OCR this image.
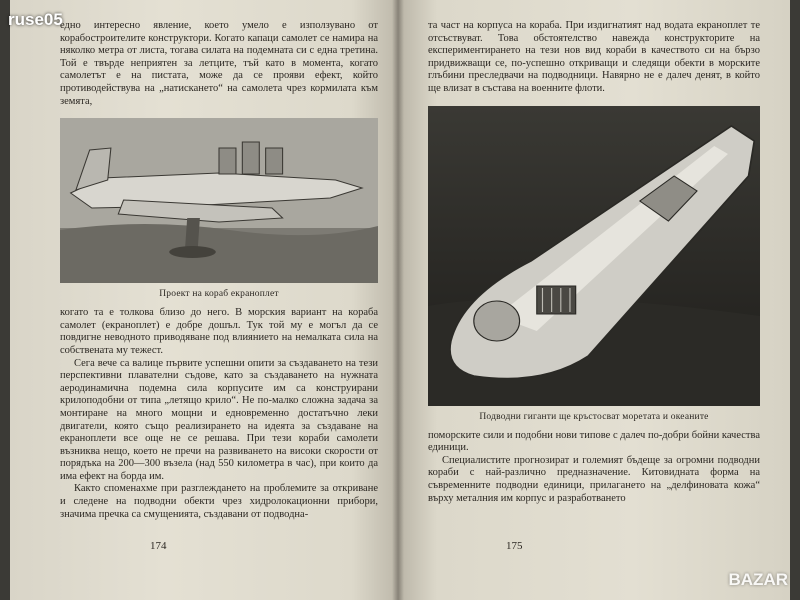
едно интересно явление, което умело е използувано от корабостроителите конструктори. Когато капаци самолет се намира на няколко метра от листа, тогава силата на подемната си с една третина. Той е твърде неприятен за летците, тъй като в момента, когато самолетът е на пистата, може да се прояви ефект, който противодействува на „натискането“ на самолета чрез кормилата към земята,

Проект на кораб екраноплет

когато та е толкова близо до него. В морския вариант на кораба самолет (екраноплет) е добре дошъл. Тук той му е могъл да се повдигне неводното приводяване под влиянието на немалката сила на собствената му тежест.

Сега вече са валице първите успешни опити за създаването на тези перспективни плавателни съдове, като за създаването на нужната аеродинамична подемна сила корпусите им са конструирани крилоподобни от типа „летящо крило“. Не по-малко сложна задача за монтиране на много мощни и едновременно достатъчно леки двигатели, която също реализирането на идеята за създаване на екраноплети все още не се решава. При тези кораби самолети възниква нещо, което не пречи на развиването на високи скорости от порядъка на 200—300 възела (над 550 километра в час), при които да има ефект на борда им.

Както споменахме при разглеждането на проблемите за откриване и следене на подводни обекти чрез хидролокационни прибори, значима пречка са смущенията, създавани от подводна-

174

та част на корпуса на кораба. При издигнатият над водата екраноплет те отсъствуват. Това обстоятелство навежда конструкторите на експериментирането на тези нов вид кораби в качеството си на бързо придвижващи се, по-успешно откриващи и следящи обекти в морските глъбини преследвачи на подводници. Навярно не е далеч денят, в който ще влизат в състава на военните флоти.

Подводни гиганти ще кръстосват моретата и океаните

поморските сили и подобни нови типове с далеч по-добри бойни качества единици.

Специалистите прогнозират и големият бъдеще за огромни подводни кораби с най-различно предназначение. Китовидната форма на съвременните подводни единици, прилагането на „делфиновата кожа“ върху металния им корпус и разработването

175
ruse05
BAZAR
